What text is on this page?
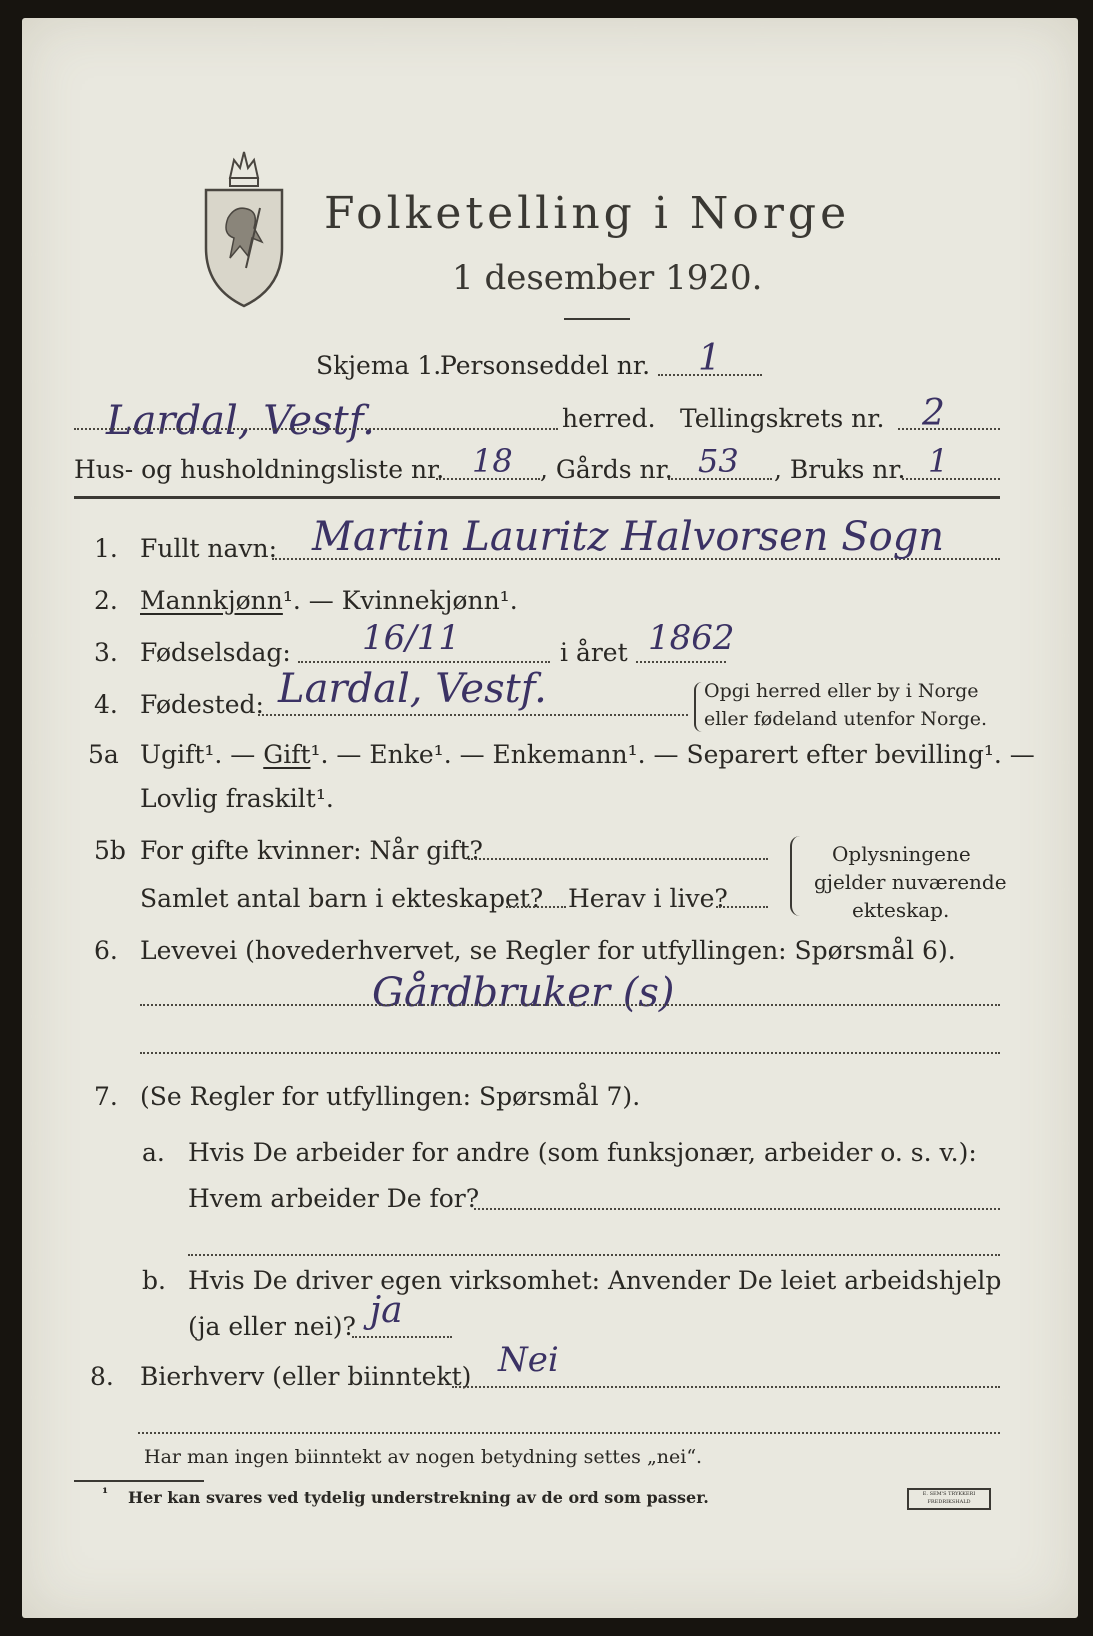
Folketelling i Norge
1 desember 1920.
Skjema 1.
Personseddel nr. 1
Lardal, Vestf.	herred. Tellingskrets nr. 2
Hus- og husholdningsliste nr. 18 , Gårds nr. 53 , Bruks nr. 1
1. Fullt navn: Martin Lauritz Halvorsen Sogn
2. Mannkjønn¹. — Kvinnekjønn¹.
3. Fødselsdag: 16/11	i året 1862
4. Fødested: Lardal, Vestf.	Opgi herred eller by i Norge
eller fødeland utenfor Norge.
5a Ugift¹. — Gift¹. — Enke¹. — Enkemann¹. — Separert efter bevilling¹. —
Lovlig fraskilt¹.
5b For gifte kvinner: Når gift?
Samlet antal barn i ekteskapet? Herav i live?
Oplysningene
gjelder nuværende
ekteskap.
6. Levevei (hovederhvervet, se Regler for utfyllingen: Spørsmål 6).
Gårdbruker (s)
7. (Se Regler for utfyllingen: Spørsmål 7).
a. Hvis De arbeider for andre (som funksjonær, arbeider o. s. v.):
Hvem arbeider De for?
b. Hvis De driver egen virksomhet: Anvender De leiet arbeidshjelp
(ja eller nei)? ja
8. Bierhverv (eller biinntekt) Nei
Har man ingen biinntekt av nogen betydning settes „nei“.
¹ Her kan svares ved tydelig understrekning av de ord som passer.	E. SEM'S TRYKKERI FREDRIKSHALD
